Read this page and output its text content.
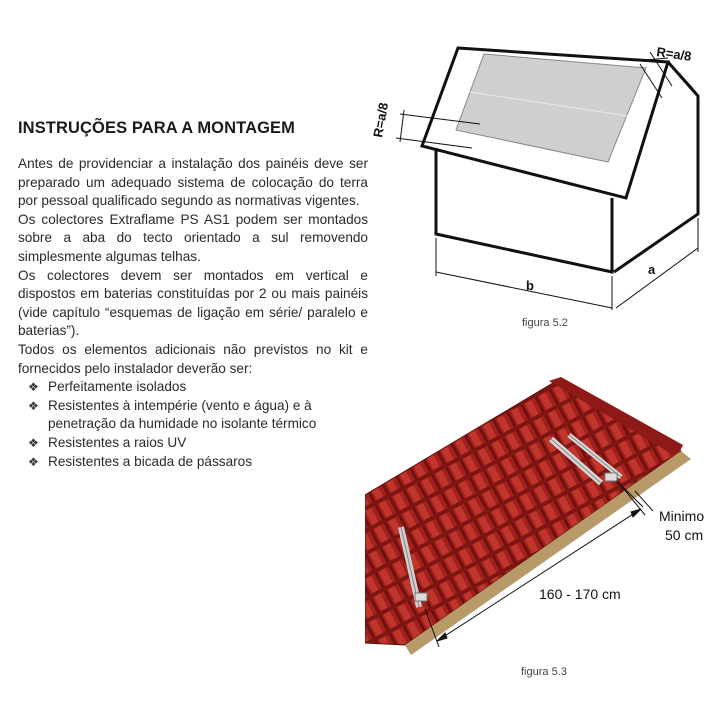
INSTRUÇÕES PARA A MONTAGEM

Antes de providenciar a instalação dos painéis deve ser preparado um adequado sistema de colocação do terra por pessoal qualificado segundo as normativas vigentes.

Os colectores Extraflame PS AS1 podem ser montados sobre a aba do tecto orientado a sul removendo simplesmente algumas telhas.

Os colectores devem ser montados em vertical e dispostos em baterias constituídas por 2 ou mais painéis (vide capítulo “esquemas de ligação em série/ paralelo e baterias”).

Todos os elementos adicionais não previstos no kit e fornecidos pelo instalador deverão ser:

❖ Perfeitamente isolados
❖ Resistentes à intempérie (vento e água) e à penetração da humidade no isolante térmico
❖ Resistentes a raios UV
❖ Resistentes a bicada de pássaros
R=a/8
R=a/8
b
a
figura 5.2
Minimo
50 cm
160 - 170 cm
figura 5.3
